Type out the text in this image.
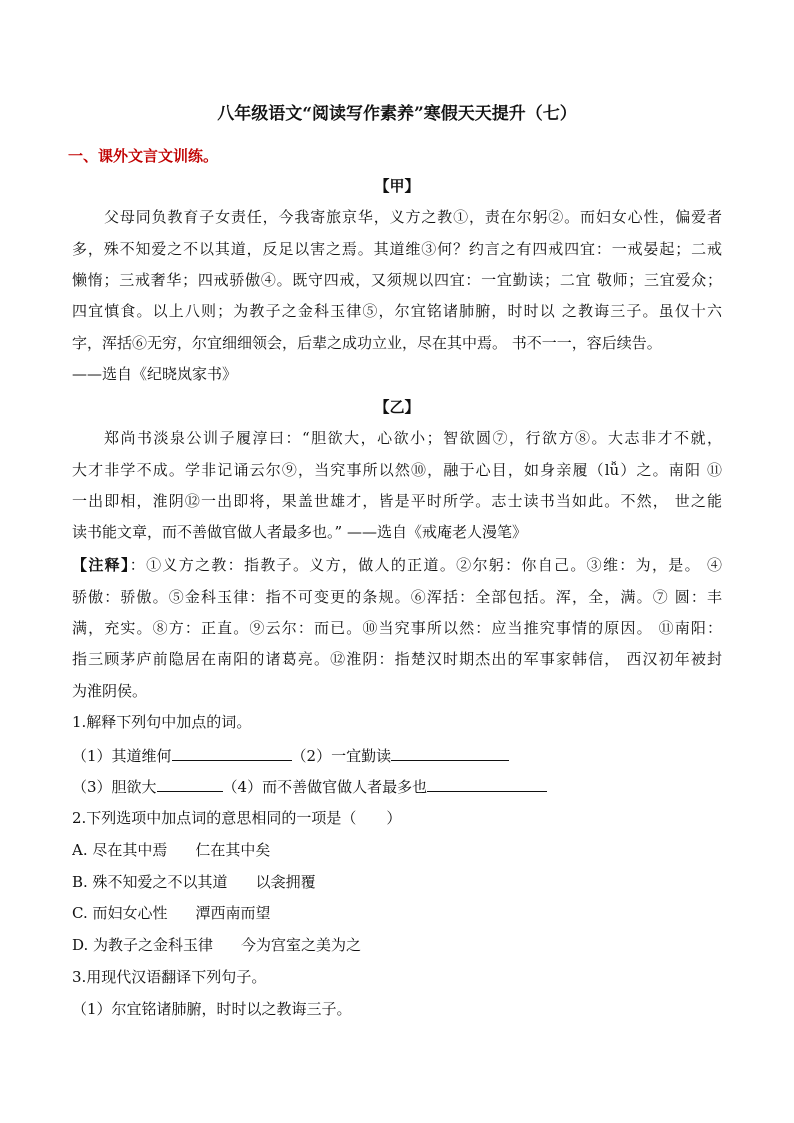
八年级语文“阅读写作素养”寒假天天提升（七）
一、课外文言文训练。
【甲】
父母同负教育子女责任，今我寄旅京华，义方之教①，责在尔躬②。而妇女心性，偏爱者
多，殊不知爱之不以其道，反足以害之焉。其道维③何？约言之有四戒四宜：一戒晏起；二戒
懒惰；三戒奢华；四戒骄傲④。既守四戒，又须规以四宜：一宜勤读；二宜 敬师；三宜爱众；
四宜慎食。以上八则；为教子之金科玉律⑤，尔宜铭诸肺腑，时时以 之教诲三子。虽仅十六
字，浑括⑥无穷，尔宜细细领会，后辈之成功立业，尽在其中焉。 书不一一，容后续告。
——选自《纪晓岚家书》
【乙】
郑尚书淡泉公训子履淳曰：“胆欲大，心欲小；智欲圆⑦，行欲方⑧。大志非才不就，
大才非学不成。学非记诵云尔⑨，当究事所以然⑩，融于心目，如身亲履（lǚ）之。南阳 ⑪
一出即相，淮阴⑫一出即将，果盖世雄才，皆是平时所学。志士读书当如此。不然， 世之能
读书能文章，而不善做官做人者最多也。” ——选自《戒庵老人漫笔》
【注释】：①义方之教：指教子。义方，做人的正道。②尔躬：你自己。③维：为，是。 ④
骄傲：骄傲。⑤金科玉律：指不可变更的条规。⑥浑括：全部包括。浑，全，满。⑦ 圆：丰
满，充实。⑧方：正直。⑨云尔：而已。⑩当究事所以然：应当推究事情的原因。 ⑪南阳：
指三顾茅庐前隐居在南阳的诸葛亮。⑫淮阴：指楚汉时期杰出的军事家韩信， 西汉初年被封
为淮阴侯。
1.解释下列句中加点的词。
（1）其道维何	（2）一宜勤读
（3）胆欲大	（4）而不善做官做人者最多也
2.下列选项中加点词的意思相同的一项是（　　）
A. 尽在其中焉 仁在其中矣
B. 殊不知爱之不以其道 以衾拥覆
C. 而妇女心性 潭西南而望
D. 为教子之金科玉律 今为宫室之美为之
3.用现代汉语翻译下列句子。
（1）尔宜铭诸肺腑，时时以之教诲三子。
